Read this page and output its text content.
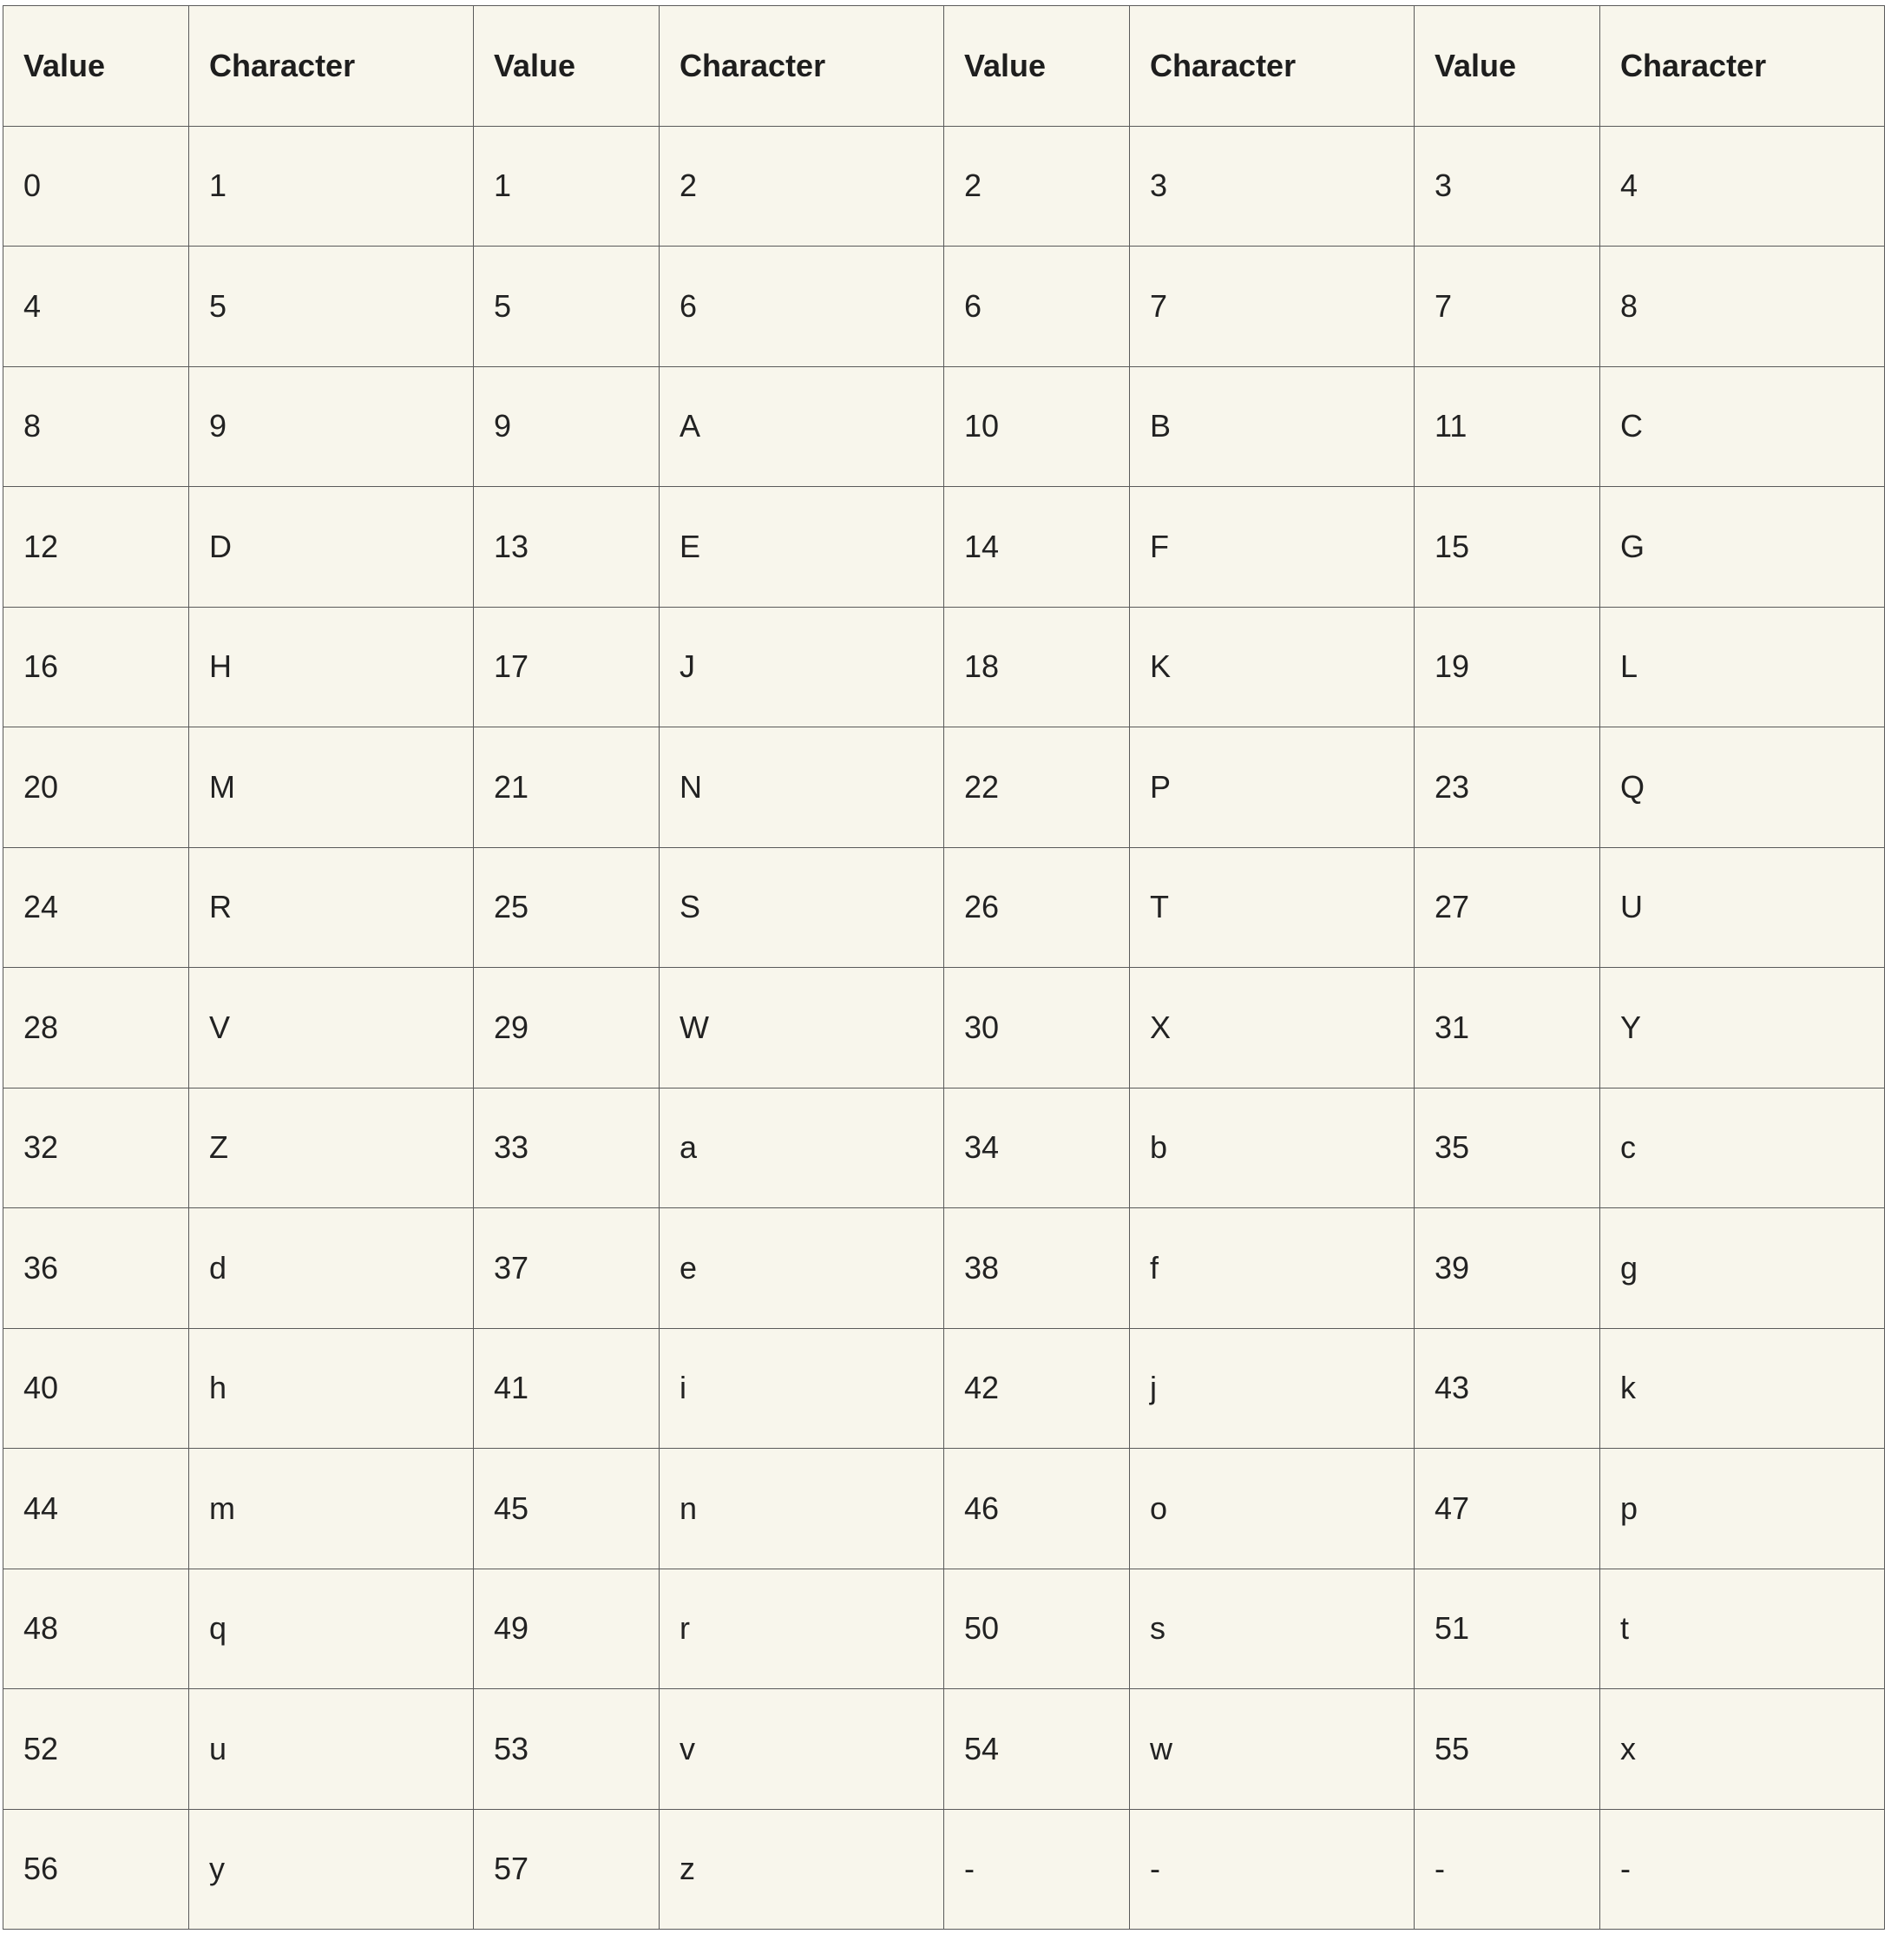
Value	Character	Value	Character	Value	Character	Value	Character
0	1	1	2	2	3	3	4
4	5	5	6	6	7	7	8
8	9	9	A	10	B	11	C
12	D	13	E	14	F	15	G
16	H	17	J	18	K	19	L
20	M	21	N	22	P	23	Q
24	R	25	S	26	T	27	U
28	V	29	W	30	X	31	Y
32	Z	33	a	34	b	35	c
36	d	37	e	38	f	39	g
40	h	41	i	42	j	43	k
44	m	45	n	46	o	47	p
48	q	49	r	50	s	51	t
52	u	53	v	54	w	55	x
56	y	57	z	-	-	-	-
